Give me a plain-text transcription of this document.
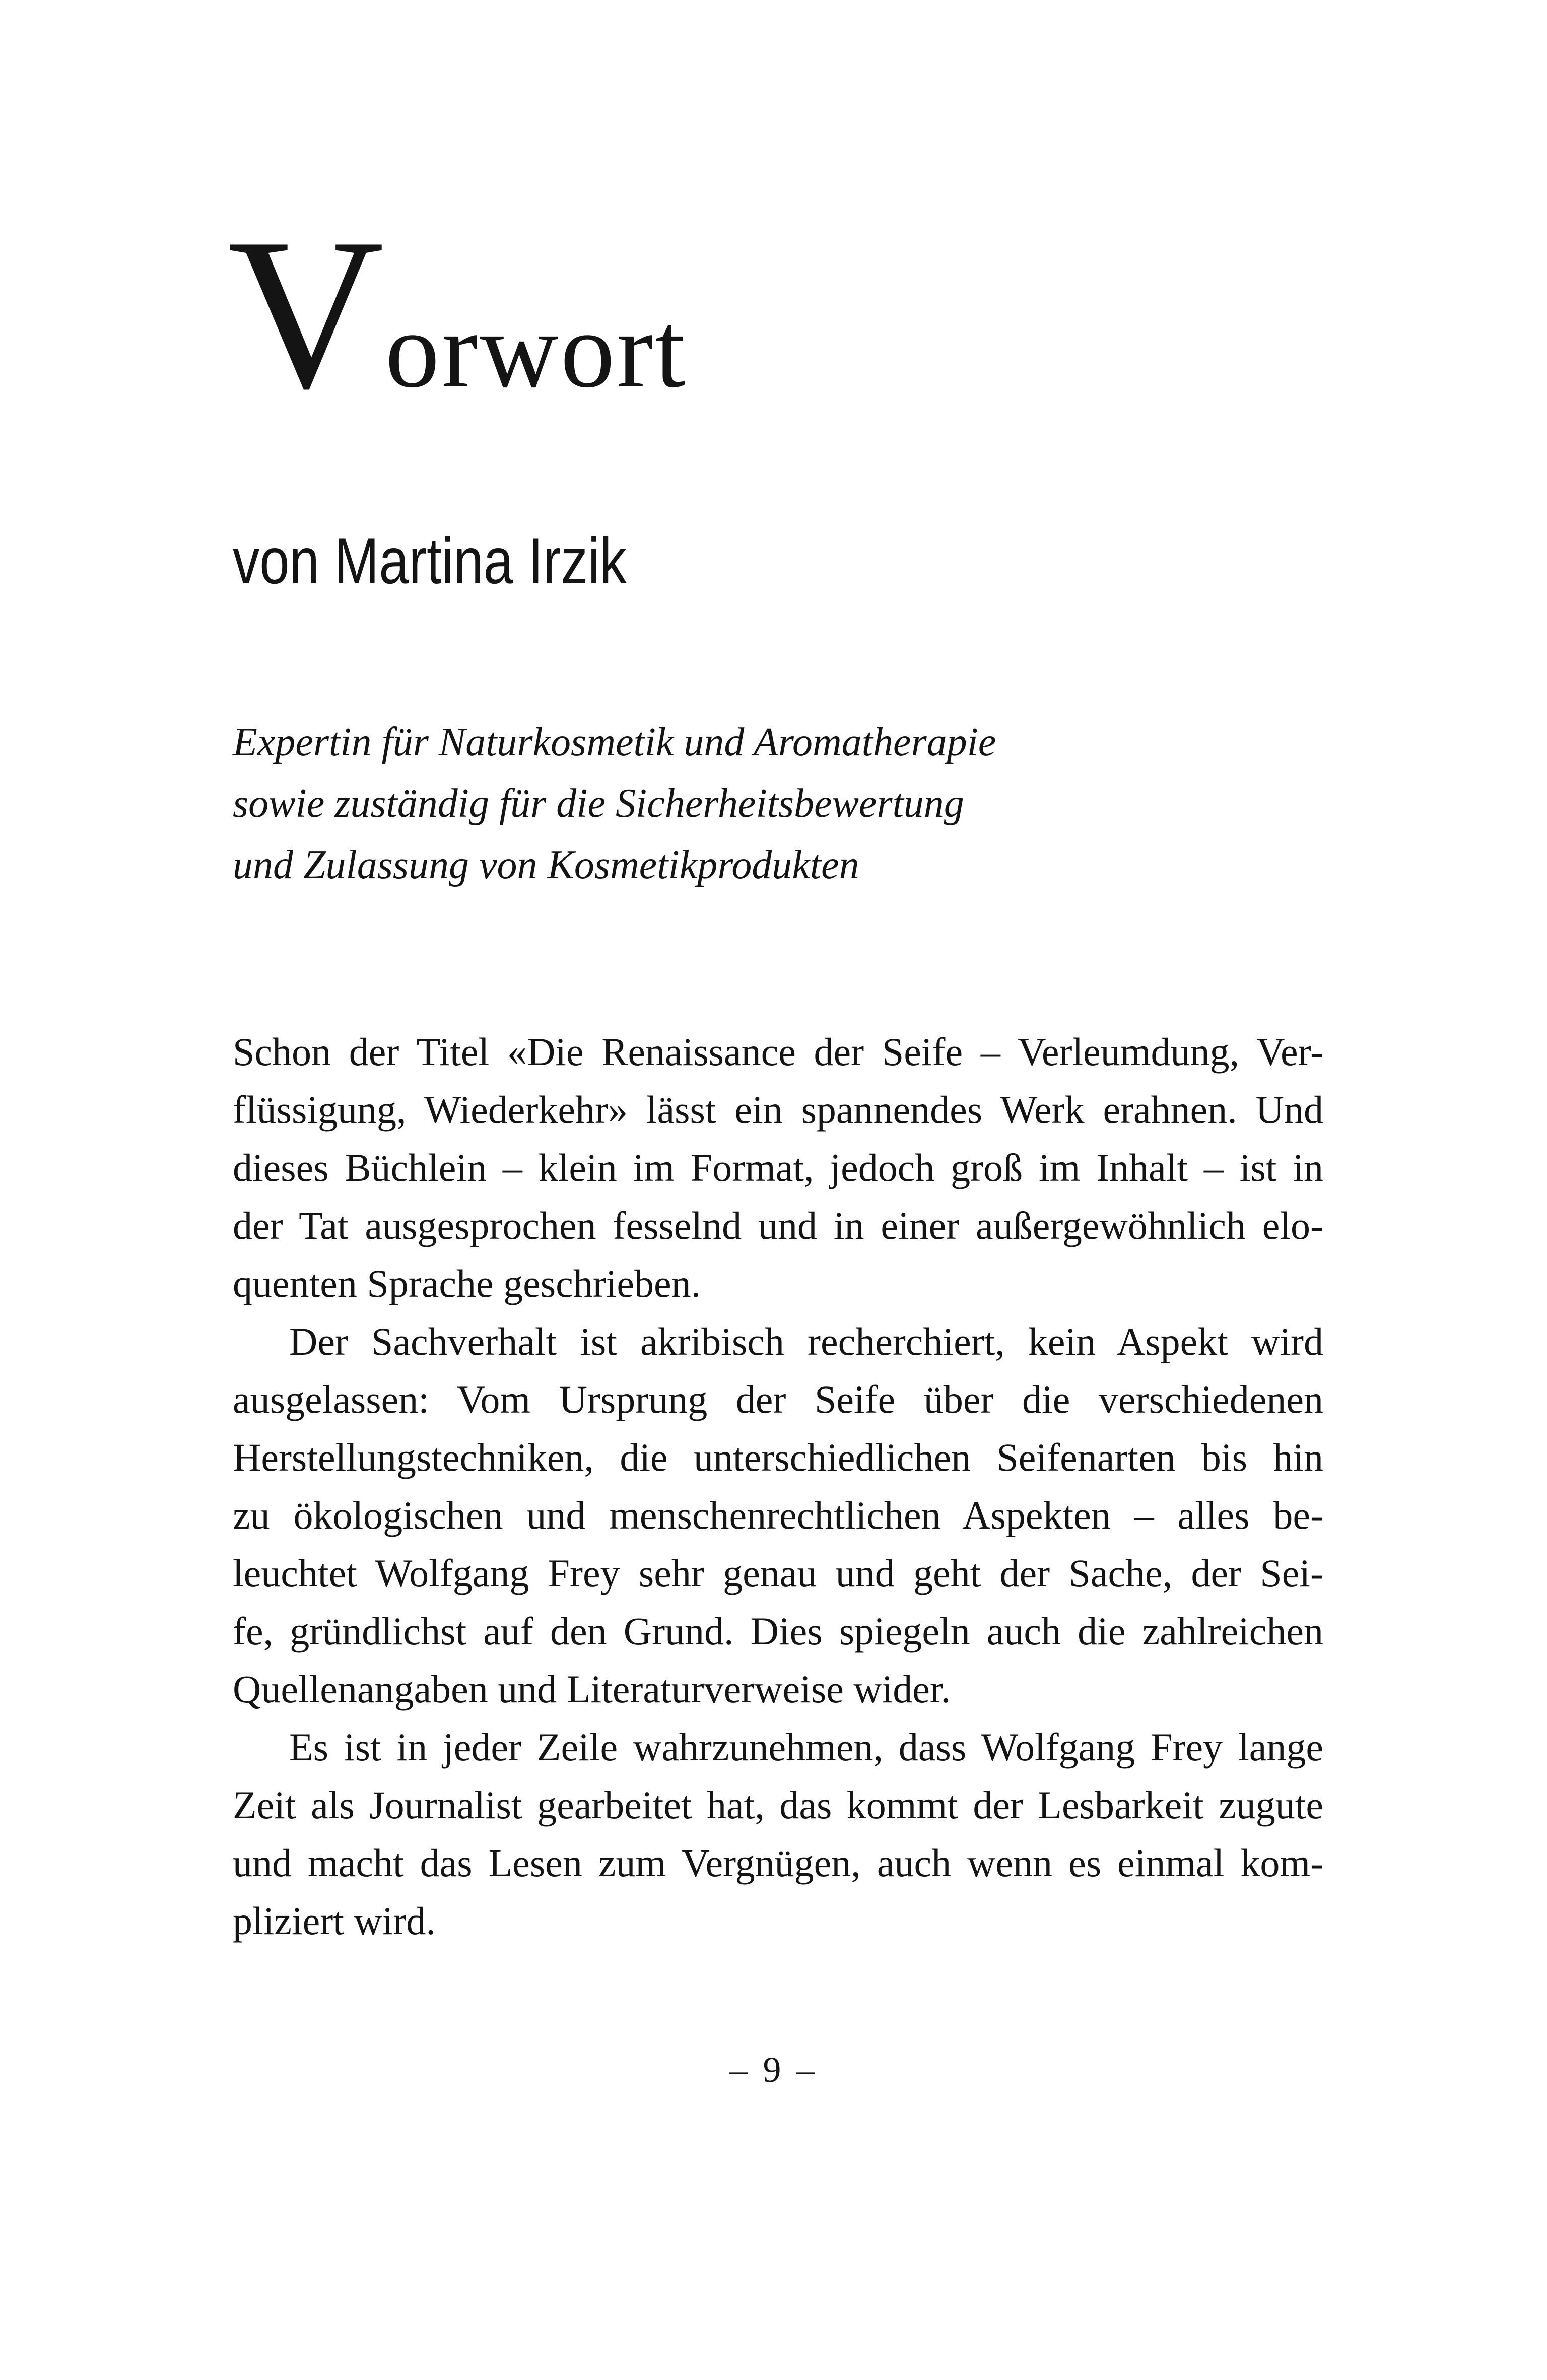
Vorwort
von Martina Irzik
Expertin für Naturkosmetik und Aromatherapie
sowie zuständig für die Sicherheitsbewertung
und Zulassung von Kosmetikprodukten
Schon der Titel «Die Renaissance der Seife – Verleumdung, Ver-
flüssigung, Wiederkehr» lässt ein spannendes Werk erahnen. Und
dieses Büchlein – klein im Format, jedoch groß im Inhalt – ist in
der Tat ausgesprochen fesselnd und in einer außergewöhnlich elo-
quenten Sprache geschrieben.
Der Sachverhalt ist akribisch recherchiert, kein Aspekt wird
ausgelassen: Vom Ursprung der Seife über die verschiedenen
Herstellungstechniken, die unterschiedlichen Seifenarten bis hin
zu ökologischen und menschenrechtlichen Aspekten – alles be-
leuchtet Wolfgang Frey sehr genau und geht der Sache, der Sei-
fe, gründlichst auf den Grund. Dies spiegeln auch die zahlreichen
Quellenangaben und Literaturverweise wider.
Es ist in jeder Zeile wahrzunehmen, dass Wolfgang Frey lange
Zeit als Journalist gearbeitet hat, das kommt der Lesbarkeit zugute
und macht das Lesen zum Vergnügen, auch wenn es einmal kom-
pliziert wird.
– 9 –
